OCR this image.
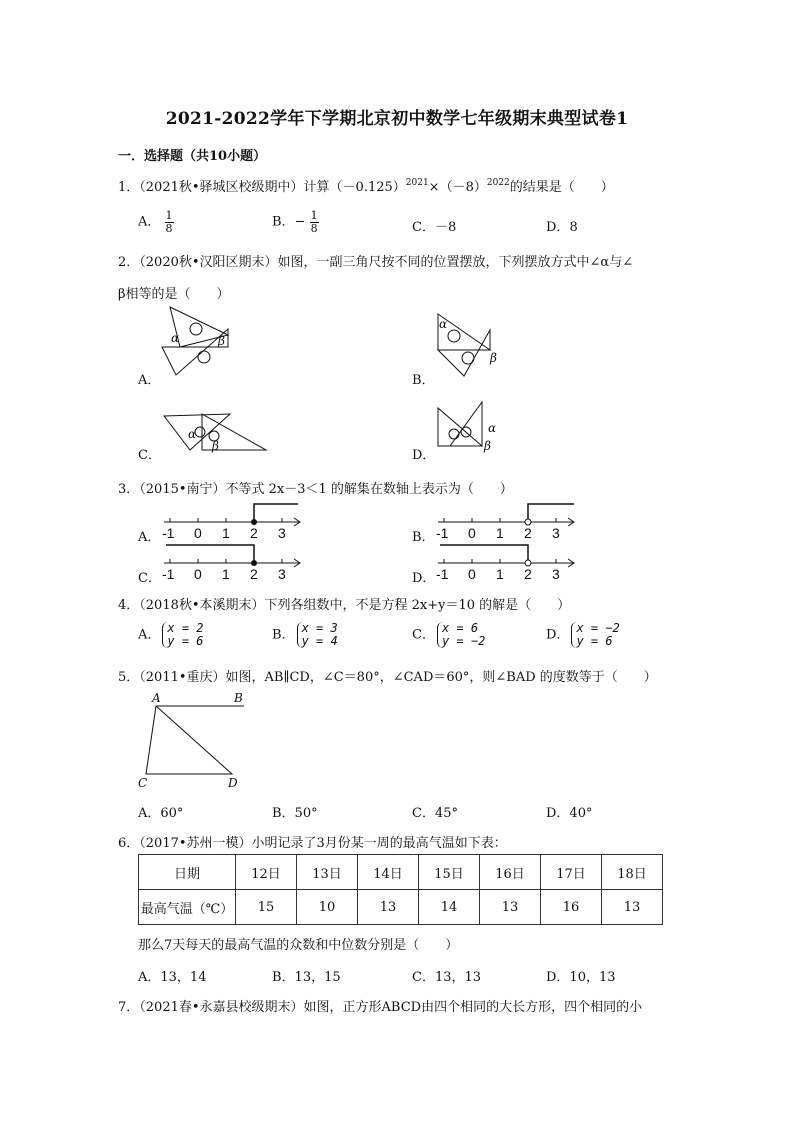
2021-2022学年下学期北京初中数学七年级期末典型试卷1
一．选择题（共10小题）
1．（2021秋•驿城区校级期中）计算$(-0.125)^{2021}\times(-8)^{2022}$的结果是（　　）
A． $\frac{1}{8}$	B．− $\frac{1}{8}$	C．－8	D．8
2．（2020秋•汉阳区期末）如图，一副三角尺按不同的位置摆放，下列摆放方式中∠α与∠
β相等的是（　　）
A．
α	β
B．
α
β
C．
α
β
D．
α
β
3．（2015•南宁）不等式 2x－3＜1 的解集在数轴上表示为（　　）
A． -1 0 1 2 3	B． -1 0 1 2 3
C． -1 0 1 2 3	D． -1 0 1 2 3
4．（2018秋•本溪期末）下列各组数中，不是方程 2x+y＝10 的解是（　　）
A． x = 2
y = 6	B． x = 3
y = 4	C． x = 6
y = −2	D． x = −2
y = 6
5．（2011•重庆）如图，AB∥CD，∠C＝80°，∠CAD＝60°，则∠BAD 的度数等于（　　）
A	B
C	D
A．60°	B．50°	C．45°	D．40°
6．（2017•苏州一模）小明记录了3月份某一周的最高气温如下表：
日期	12日	13日	14日	15日	16日	17日	18日
最高气温（℃）	15	10	13	14	13	16	13
那么7天每天的最高气温的众数和中位数分别是（　　）
A．13，14	B．13，15	C．13，13	D．10，13
7．（2021春•永嘉县校级期末）如图，正方形ABCD由四个相同的大长方形，四个相同的小
